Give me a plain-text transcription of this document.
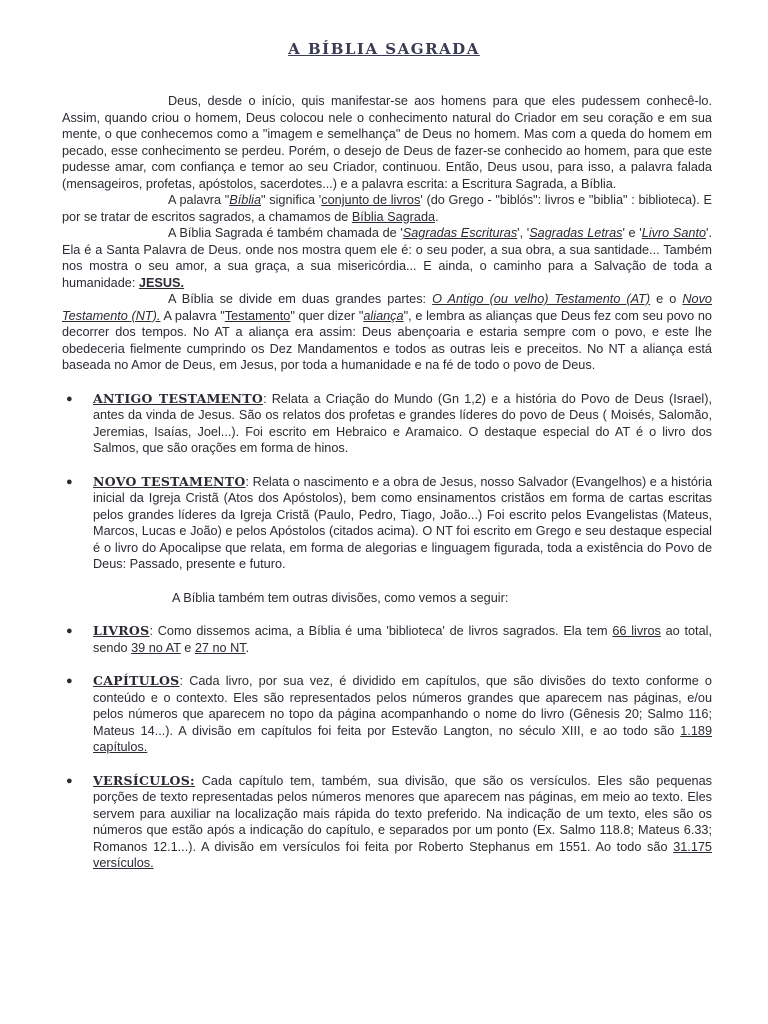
A BÍBLIA SAGRADA

Deus, desde o início, quis manifestar-se aos homens para que eles pudessem conhecê-lo. Assim, quando criou o homem, Deus colocou nele o conhecimento natural do Criador em seu coração e em sua mente, o que conhecemos como a "imagem e semelhança" de Deus no homem. Mas com a queda do homem em pecado, esse conhecimento se perdeu. Porém, o desejo de Deus de fazer-se conhecido ao homem, para que este pudesse amar, com confiança e temor ao seu Criador, continuou. Então, Deus usou, para isso, a palavra falada (mensageiros, profetas, apóstolos, sacerdotes...) e a palavra escrita: a Escritura Sagrada, a Bíblia.

A palavra "Bíblia" significa 'conjunto de livros' (do Grego - "biblós": livros e "biblia" : biblioteca). E por se tratar de escritos sagrados, a chamamos de Bíblia Sagrada.

A Bíblia Sagrada é também chamada de 'Sagradas Escrituras', 'Sagradas Letras' e 'Livro Santo'. Ela é a Santa Palavra de Deus. onde nos mostra quem ele é: o seu poder, a sua obra, a sua santidade... Também nos mostra o seu amor, a sua graça, a sua misericórdia... E ainda, o caminho para a Salvação de toda a humanidade: JESUS.

A Bíblia se divide em duas grandes partes: O Antigo (ou velho) Testamento (AT) e o Novo Testamento (NT). A palavra "Testamento" quer dizer "aliança", e lembra as alianças que Deus fez com seu povo no decorrer dos tempos. No AT a aliança era assim: Deus abençoaria e estaria sempre com o povo, e este lhe obedeceria fielmente cumprindo os Dez Mandamentos e todos as outras leis e preceitos. No NT a aliança está baseada no Amor de Deus, em Jesus, por toda a humanidade e na fé de todo o povo de Deus.

●	ANTIGO TESTAMENTO: Relata a Criação do Mundo (Gn 1,2) e a história do Povo de Deus (Israel), antes da vinda de Jesus. São os relatos dos profetas e grandes líderes do povo de Deus ( Moisés, Salomão, Jeremias, Isaías, Joel...). Foi escrito em Hebraico e Aramaico. O destaque especial do AT é o livro dos Salmos, que são orações em forma de hinos.
●	NOVO TESTAMENTO: Relata o nascimento e a obra de Jesus, nosso Salvador (Evangelhos) e a história inicial da Igreja Cristã (Atos dos Apóstolos), bem como ensinamentos cristãos em forma de cartas escritas pelos grandes líderes da Igreja Cristã (Paulo, Pedro, Tiago, João...) Foi escrito pelos Evangelistas (Mateus, Marcos, Lucas e João) e pelos Apóstolos (citados acima). O NT foi escrito em Grego e seu destaque especial é o livro do Apocalipse que relata, em forma de alegorias e linguagem figurada, toda a existência do Povo de Deus: Passado, presente e futuro.

A Bíblia também tem outras divisões, como vemos a seguir:

●	LIVROS: Como dissemos acima, a Bíblia é uma 'biblioteca' de livros sagrados. Ela tem 66 livros ao total, sendo 39 no AT e 27 no NT.
●	CAPÍTULOS: Cada livro, por sua vez, é dividido em capítulos, que são divisões do texto conforme o conteúdo e o contexto. Eles são representados pelos números grandes que aparecem nas páginas, e/ou pelos números que aparecem no topo da página acompanhando o nome do livro (Gênesis 20; Salmo 116; Mateus 14...). A divisão em capítulos foi feita por Estevão Langton, no século XIII, e ao todo são 1.189 capítulos.
●	VERSÍCULOS: Cada capítulo tem, também, sua divisão, que são os versículos. Eles são pequenas porções de texto representadas pelos números menores que aparecem nas páginas, em meio ao texto. Eles servem para auxiliar na localização mais rápida do texto preferido. Na indicação de um texto, eles são os números que estão após a indicação do capítulo, e separados por um ponto (Ex. Salmo 118.8; Mateus 6.33; Romanos 12.1...). A divisão em versículos foi feita por Roberto Stephanus em 1551. Ao todo são 31.175 versículos.
